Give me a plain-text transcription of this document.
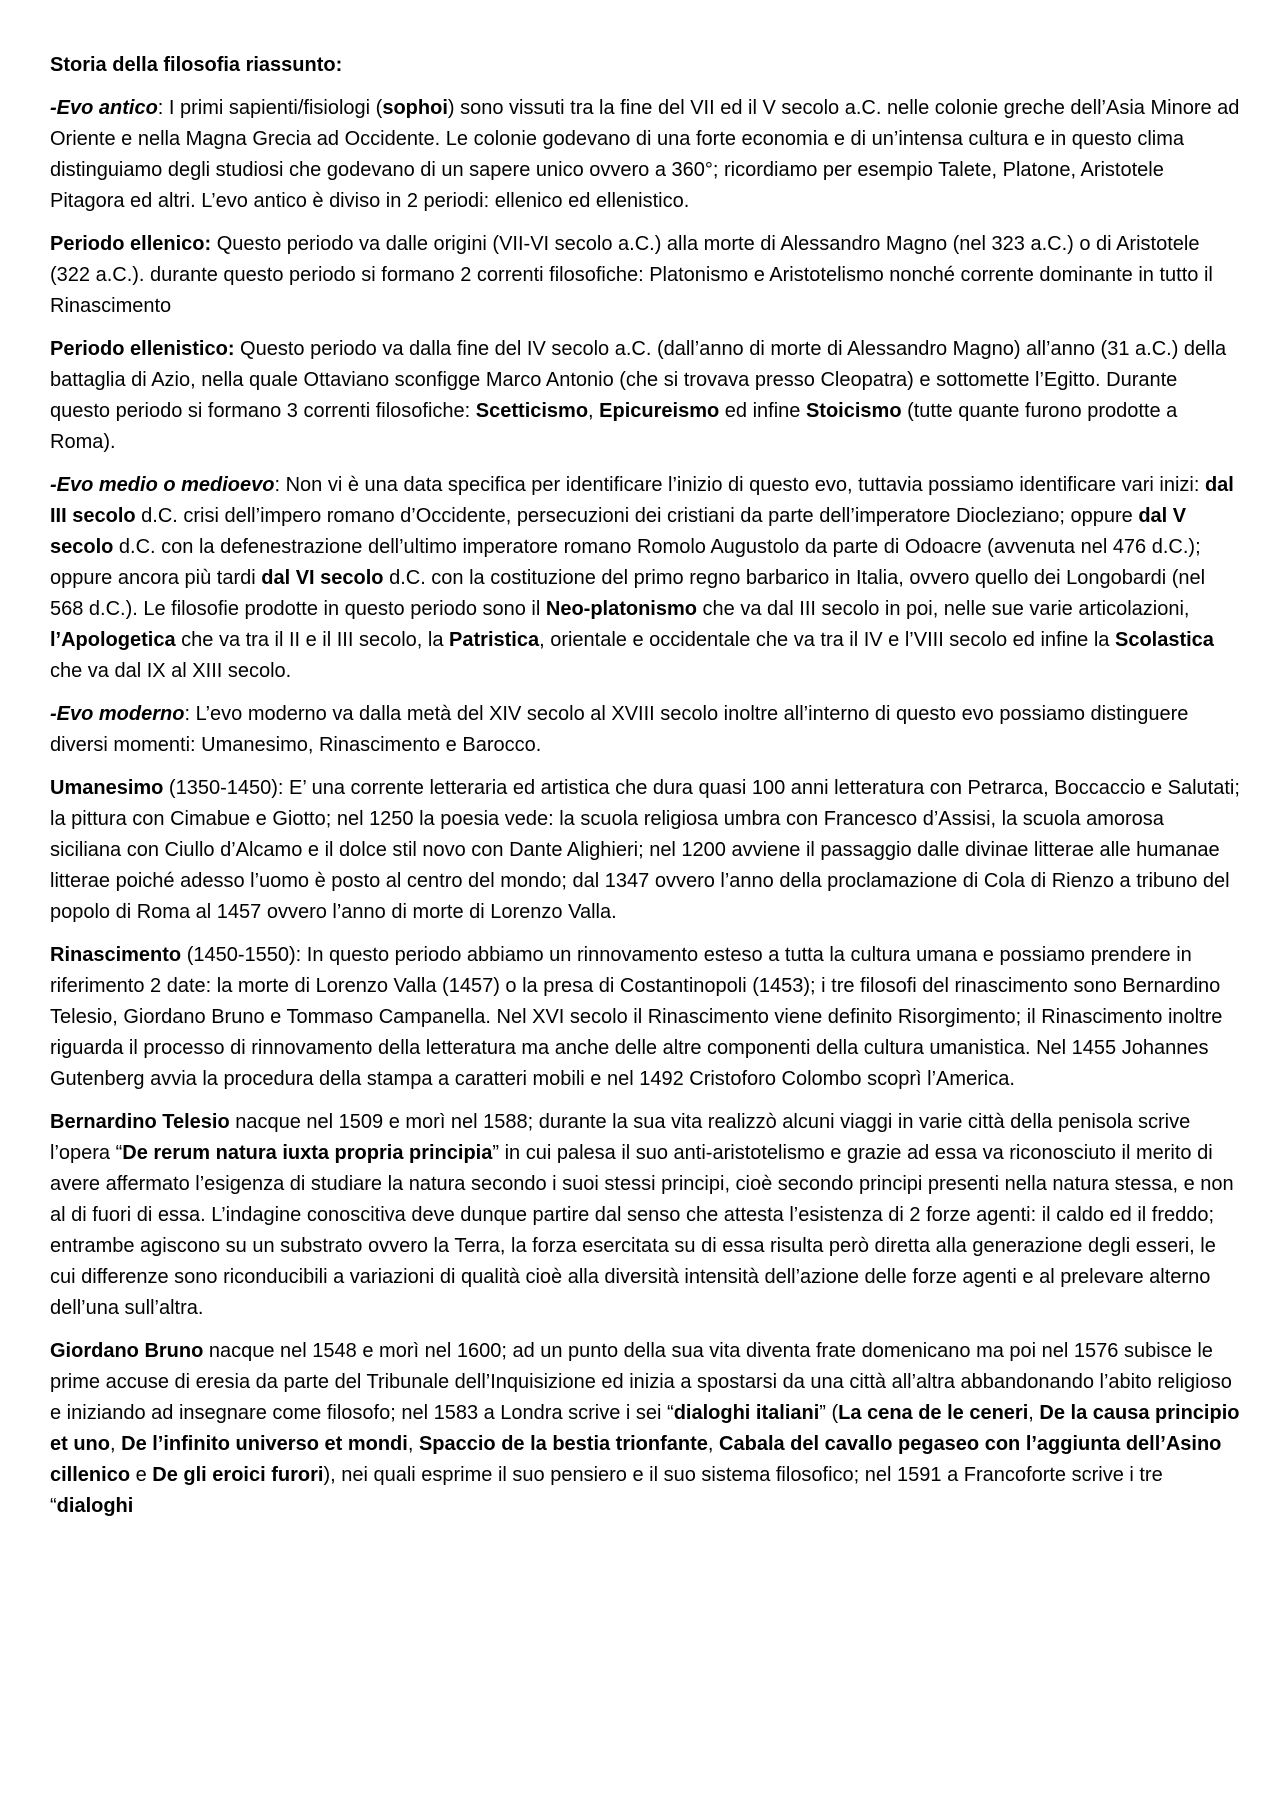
Storia della filosofia riassunto:

-Evo antico: I primi sapienti/fisiologi (sophoi) sono vissuti tra la fine del VII ed il V secolo a.C. nelle colonie greche dell’Asia Minore ad Oriente e nella Magna Grecia ad Occidente. Le colonie godevano di una forte economia e di un’intensa cultura e in questo clima distinguiamo degli studiosi che godevano di un sapere unico ovvero a 360°; ricordiamo per esempio Talete, Platone, Aristotele Pitagora ed altri. L’evo antico è diviso in 2 periodi: ellenico ed ellenistico.

Periodo ellenico: Questo periodo va dalle origini (VII-VI secolo a.C.) alla morte di Alessandro Magno (nel 323 a.C.) o di Aristotele (322 a.C.). durante questo periodo si formano 2 correnti filosofiche: Platonismo e Aristotelismo nonché corrente dominante in tutto il Rinascimento

Periodo ellenistico: Questo periodo va dalla fine del IV secolo a.C. (dall’anno di morte di Alessandro Magno) all’anno (31 a.C.) della battaglia di Azio, nella quale Ottaviano sconfigge Marco Antonio (che si trovava presso Cleopatra) e sottomette l’Egitto. Durante questo periodo si formano 3 correnti filosofiche: Scetticismo, Epicureismo ed infine Stoicismo (tutte quante furono prodotte a Roma).

-Evo medio o medioevo: Non vi è una data specifica per identificare l’inizio di questo evo, tuttavia possiamo identificare vari inizi: dal III secolo d.C. crisi dell’impero romano d’Occidente, persecuzioni dei cristiani da parte dell’imperatore Diocleziano; oppure dal V secolo d.C. con la defenestrazione dell’ultimo imperatore romano Romolo Augustolo da parte di Odoacre (avvenuta nel 476 d.C.); oppure ancora più tardi dal VI secolo d.C. con la costituzione del primo regno barbarico in Italia, ovvero quello dei Longobardi (nel 568 d.C.). Le filosofie prodotte in questo periodo sono il Neo-platonismo che va dal III secolo in poi, nelle sue varie articolazioni, l’Apologetica che va tra il II e il III secolo, la Patristica, orientale e occidentale che va tra il IV e l’VIII secolo ed infine la Scolastica che va dal IX al XIII secolo.

-Evo moderno: L’evo moderno va dalla metà del XIV secolo al XVIII secolo inoltre all’interno di questo evo possiamo distinguere diversi momenti: Umanesimo, Rinascimento e Barocco.

Umanesimo (1350-1450): E’ una corrente letteraria ed artistica che dura quasi 100 anni letteratura con Petrarca, Boccaccio e Salutati; la pittura con Cimabue e Giotto; nel 1250 la poesia vede: la scuola religiosa umbra con Francesco d’Assisi, la scuola amorosa siciliana con Ciullo d’Alcamo e il dolce stil novo con Dante Alighieri; nel 1200 avviene il passaggio dalle divinae litterae alle humanae litterae poiché adesso l’uomo è posto al centro del mondo; dal 1347 ovvero l’anno della proclamazione di Cola di Rienzo a tribuno del popolo di Roma al 1457 ovvero l’anno di morte di Lorenzo Valla.

Rinascimento (1450-1550): In questo periodo abbiamo un rinnovamento esteso a tutta la cultura umana e possiamo prendere in riferimento 2 date: la morte di Lorenzo Valla (1457) o la presa di Costantinopoli (1453); i tre filosofi del rinascimento sono Bernardino Telesio, Giordano Bruno e Tommaso Campanella. Nel XVI secolo il Rinascimento viene definito Risorgimento; il Rinascimento inoltre riguarda il processo di rinnovamento della letteratura ma anche delle altre componenti della cultura umanistica. Nel 1455 Johannes Gutenberg avvia la procedura della stampa a caratteri mobili e nel 1492 Cristoforo Colombo scoprì l’America.

Bernardino Telesio nacque nel 1509 e morì nel 1588; durante la sua vita realizzò alcuni viaggi in varie città della penisola scrive l’opera “De rerum natura iuxta propria principia” in cui palesa il suo anti-aristotelismo e grazie ad essa va riconosciuto il merito di avere affermato l’esigenza di studiare la natura secondo i suoi stessi principi, cioè secondo principi presenti nella natura stessa, e non al di fuori di essa. L’indagine conoscitiva deve dunque partire dal senso che attesta l’esistenza di 2 forze agenti: il caldo ed il freddo; entrambe agiscono su un substrato ovvero la Terra, la forza esercitata su di essa risulta però diretta alla generazione degli esseri, le cui differenze sono riconducibili a variazioni di qualità cioè alla diversità intensità dell’azione delle forze agenti e al prelevare alterno dell’una sull’altra.

Giordano Bruno nacque nel 1548 e morì nel 1600; ad un punto della sua vita diventa frate domenicano ma poi nel 1576 subisce le prime accuse di eresia da parte del Tribunale dell’Inquisizione ed inizia a spostarsi da una città all’altra abbandonando l’abito religioso e iniziando ad insegnare come filosofo; nel 1583 a Londra scrive i sei “dialoghi italiani” (La cena de le ceneri, De la causa principio et uno, De l’infinito universo et mondi, Spaccio de la bestia trionfante, Cabala del cavallo pegaseo con l’aggiunta dell’Asino cillenico e De gli eroici furori), nei quali esprime il suo pensiero e il suo sistema filosofico; nel 1591 a Francoforte scrive i tre “dialoghi
